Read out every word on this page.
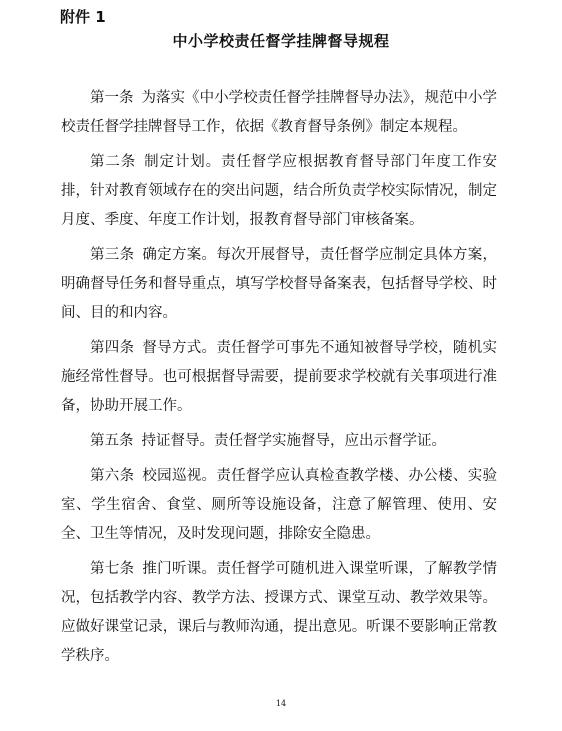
附件 1
中小学校责任督学挂牌督导规程

第一条 为落实《中小学校责任督学挂牌督导办法》，规范中小学校责任督学挂牌督导工作，依据《教育督导条例》制定本规程。

第二条 制定计划。责任督学应根据教育督导部门年度工作安排，针对教育领域存在的突出问题，结合所负责学校实际情况，制定月度、季度、年度工作计划，报教育督导部门审核备案。

第三条 确定方案。每次开展督导，责任督学应制定具体方案，明确督导任务和督导重点，填写学校督导备案表，包括督导学校、时间、目的和内容。

第四条 督导方式。责任督学可事先不通知被督导学校，随机实施经常性督导。也可根据督导需要，提前要求学校就有关事项进行准备，协助开展工作。

第五条 持证督导。责任督学实施督导，应出示督学证。

第六条 校园巡视。责任督学应认真检查教学楼、办公楼、实验室、学生宿舍、食堂、厕所等设施设备，注意了解管理、使用、安全、卫生等情况，及时发现问题，排除安全隐患。

第七条 推门听课。责任督学可随机进入课堂听课，了解教学情况，包括教学内容、教学方法、授课方式、课堂互动、教学效果等。应做好课堂记录，课后与教师沟通，提出意见。听课不要影响正常教学秩序。

14
